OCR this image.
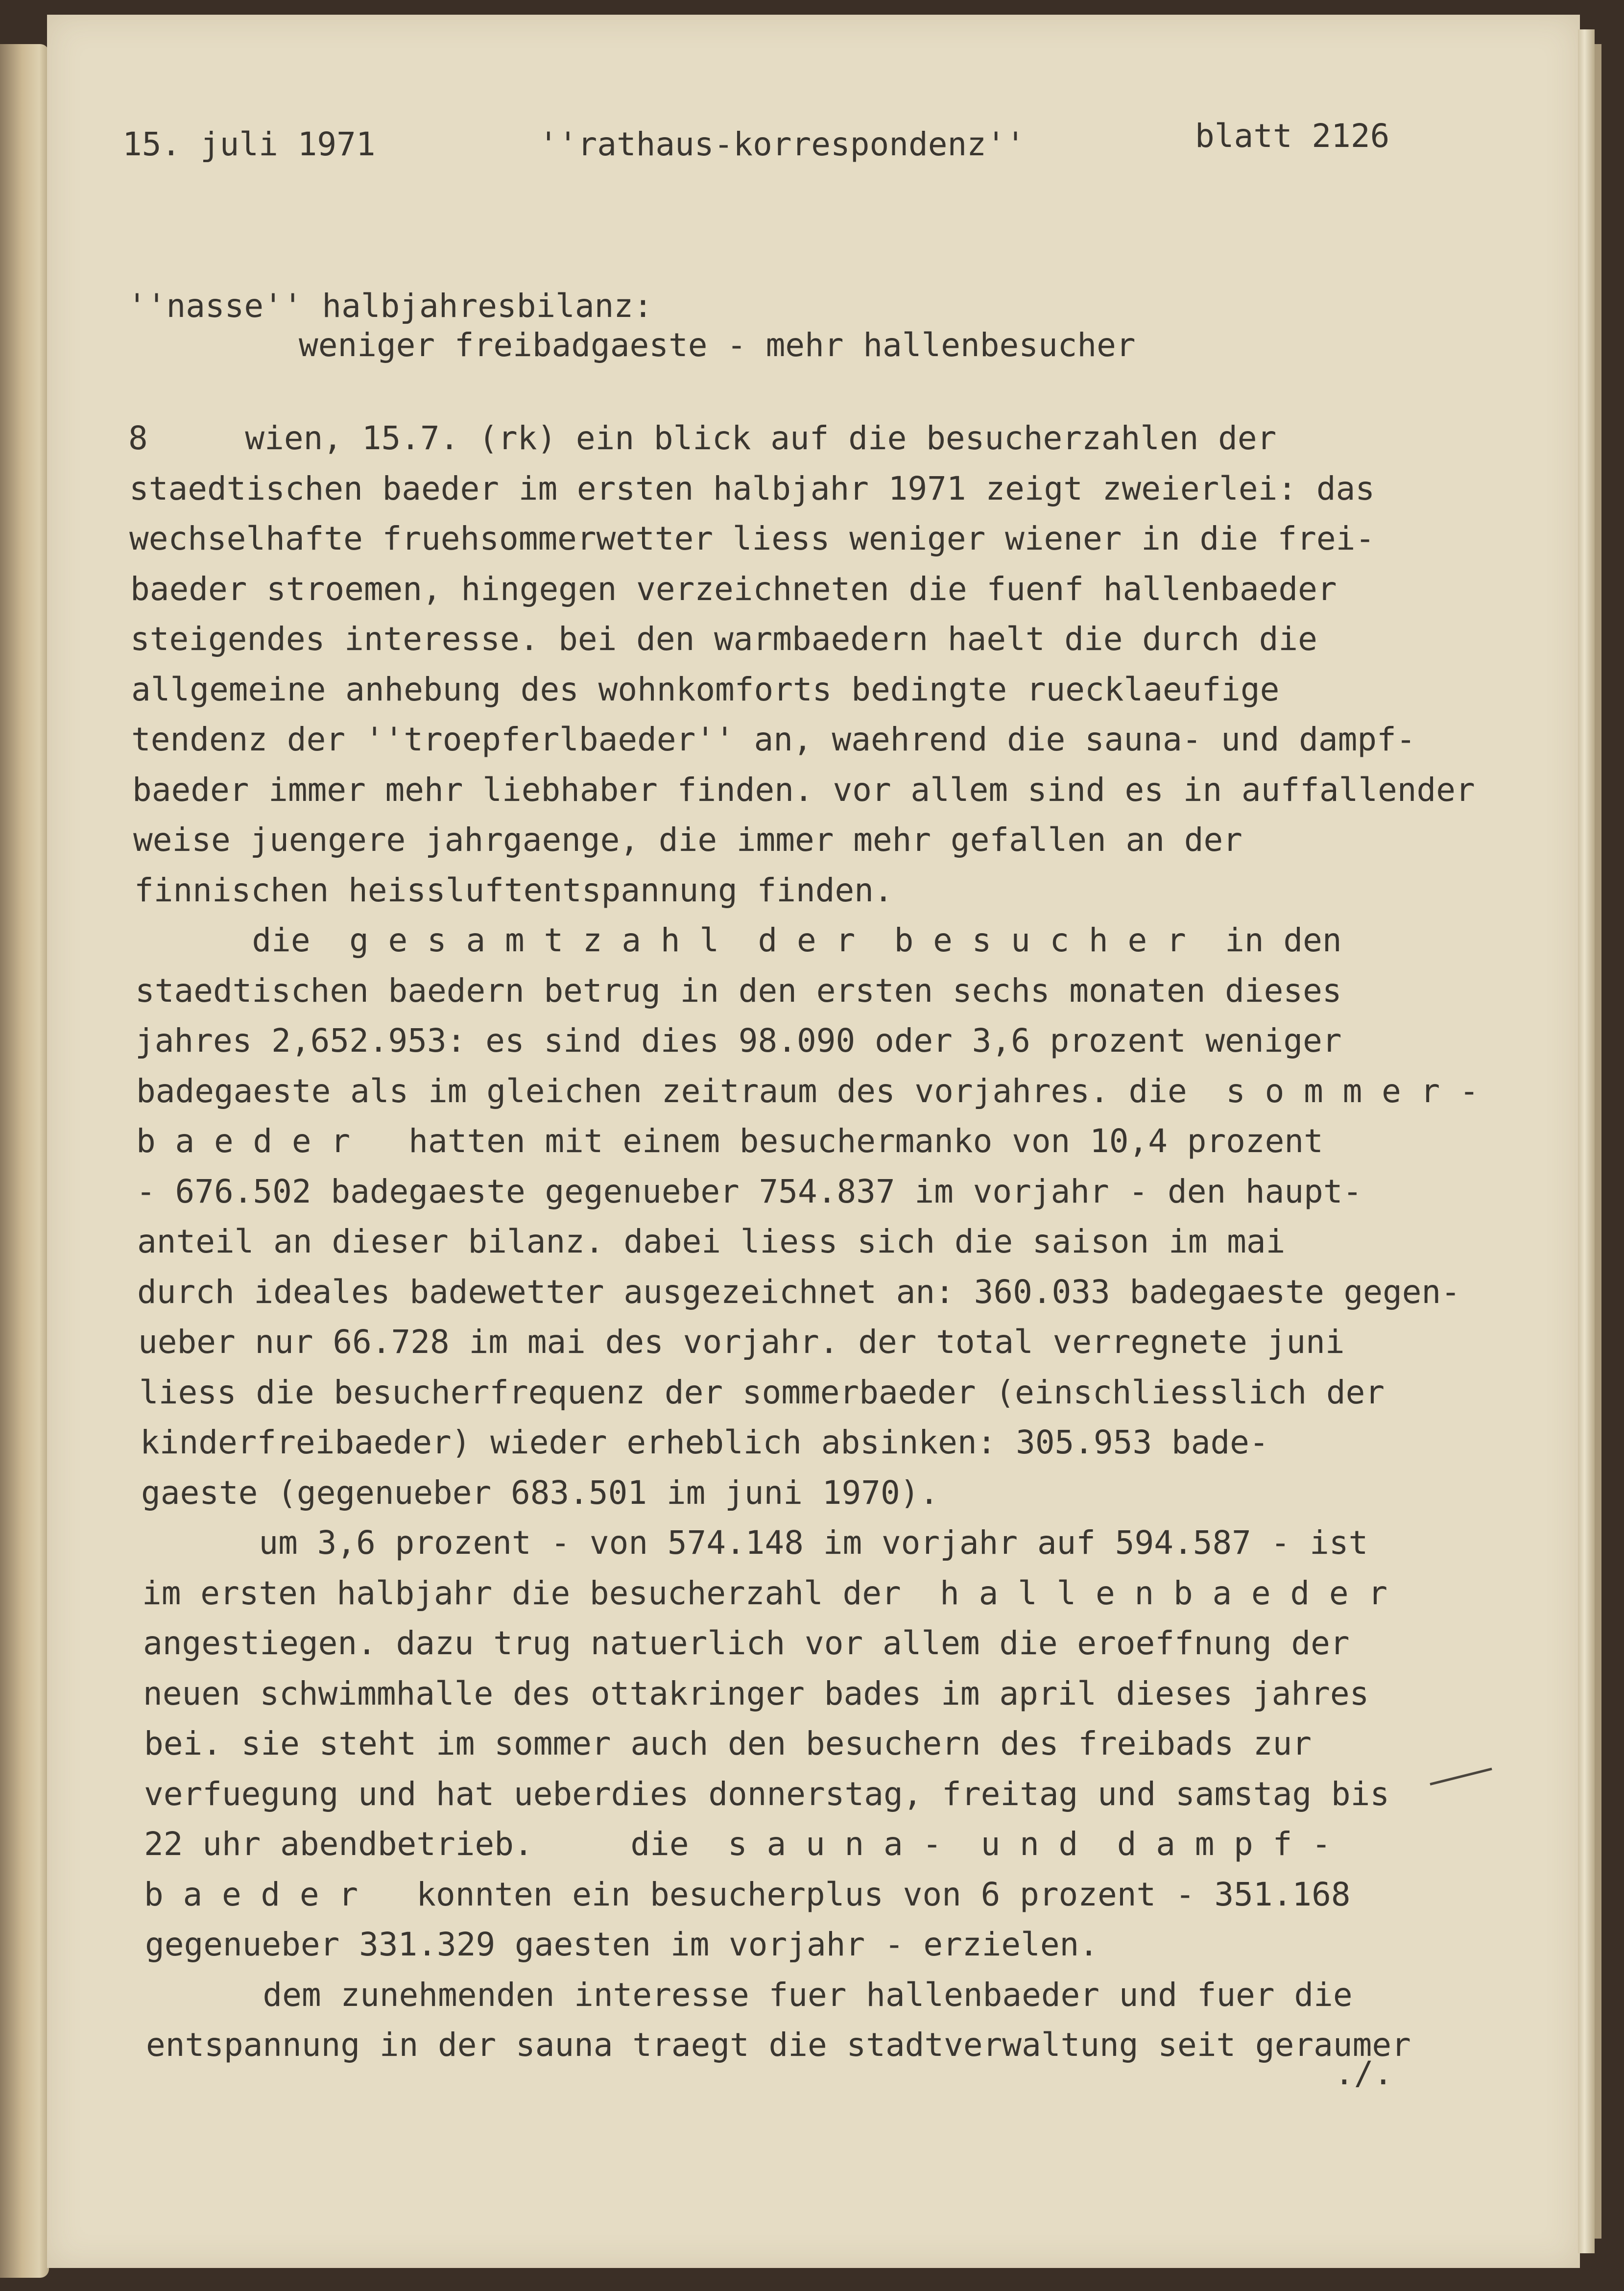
15. juli 1971	''rathaus-korrespondenz''	blatt 2126

''nasse'' halbjahresbilanz:

weniger freibadgaeste - mehr hallenbesucher

8     wien, 15.7. (rk) ein blick auf die besucherzahlen der

staedtischen baeder im ersten halbjahr 1971 zeigt zweierlei: das

wechselhafte fruehsommerwetter liess weniger wiener in die frei-

baeder stroemen, hingegen verzeichneten die fuenf hallenbaeder

steigendes interesse. bei den warmbaedern haelt die durch die

allgemeine anhebung des wohnkomforts bedingte ruecklaeufige

tendenz der ''troepferlbaeder'' an, waehrend die sauna- und dampf-

baeder immer mehr liebhaber finden. vor allem sind es in auffallender

weise juengere jahrgaenge, die immer mehr gefallen an der

finnischen heissluftentspannung finden.

die  g e s a m t z a h l  d e r  b e s u c h e r  in den

staedtischen baedern betrug in den ersten sechs monaten dieses

jahres 2,652.953: es sind dies 98.090 oder 3,6 prozent weniger

badegaeste als im gleichen zeitraum des vorjahres. die  s o m m e r -

b a e d e r   hatten mit einem besuchermanko von 10,4 prozent

- 676.502 badegaeste gegenueber 754.837 im vorjahr - den haupt-

anteil an dieser bilanz. dabei liess sich die saison im mai

durch ideales badewetter ausgezeichnet an: 360.033 badegaeste gegen-

ueber nur 66.728 im mai des vorjahr. der total verregnete juni

liess die besucherfrequenz der sommerbaeder (einschliesslich der

kinderfreibaeder) wieder erheblich absinken: 305.953 bade-

gaeste (gegenueber 683.501 im juni 1970).

um 3,6 prozent - von 574.148 im vorjahr auf 594.587 - ist

im ersten halbjahr die besucherzahl der  h a l l e n b a e d e r

angestiegen. dazu trug natuerlich vor allem die eroeffnung der

neuen schwimmhalle des ottakringer bades im april dieses jahres

bei. sie steht im sommer auch den besuchern des freibads zur

verfuegung und hat ueberdies donnerstag, freitag und samstag bis

22 uhr abendbetrieb.     die  s a u n a -  u n d  d a m p f -

b a e d e r   konnten ein besucherplus von 6 prozent - 351.168

gegenueber 331.329 gaesten im vorjahr - erzielen.

dem zunehmenden interesse fuer hallenbaeder und fuer die

entspannung in der sauna traegt die stadtverwaltung seit geraumer

./.
